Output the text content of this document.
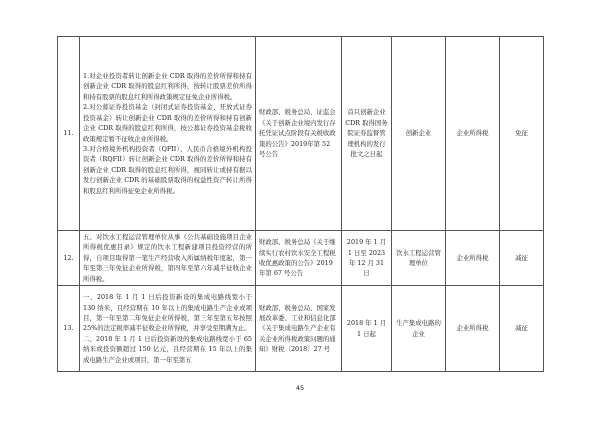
11.	1.对企业投资者转让创新企业 CDR 取得的差价所得和持有创新企业 CDR 取得的股息红利所得，按转让股票差价所得和持有股票的股息红利所得政策规定征免企业所得税。
2.对公募证券投资基金（封闭式证券投资基金、开放式证券投资基金）转让创新企业 CDR 取得的差价所得和持有创新企业 CDR 取得的股息红利所得，按公募证券投资基金税收政策规定暂不征收企业所得税。
3.对合格境外机构投资者（QFII）、人民币合格境外机构投资者（RQFII）转让创新企业 CDR 取得的差价所得和持有创新企业 CDR 取得的股息红利所得，视同转让或持有据以发行创新企业 CDR 的基础股票取得的权益性资产转让所得和股息红利所得征免企业所得税。	财政部、税务总局、证监会《关于创新企业境内发行存托凭证试点阶段有关税收政策的公告》2019年第 52 号公告	首只创新企业 CDR 取得国务院证券监督管理机构的发行批文之日起	创新企业	企业所得税	免征
12.	五、对饮水工程运营管理单位从事《公共基础设施项目企业所得税优惠目录》规定的饮水工程新建项目投资经营的所得，自项目取得第一笔生产经营收入所属纳税年度起，第一年至第三年免征企业所得税，第四年至第六年减半征收企业所得税。	财政部、税务总局《关于继续实行农村饮水安全工程税收优惠政策的公告》2019 年第 67 号公告	2019 年 1 月 1 日至 2023 年 12 月 31 日	饮水工程运营管理单位	企业所得税	减征
13.	一、2018 年 1 月 1 日后投资新设的集成电路线宽小于 130 纳米，且经营期在 10 年以上的集成电路生产企业或项目，第一年至第二年免征企业所得税，第三年至第五年按照 25%的法定税率减半征收企业所得税，并享受至期满为止。
二、2018 年 1 月 1 日后投资新设的集成电路线宽小于 65 纳米或投资额超过 150 亿元，且经营期在 15 年以上的集成电路生产企业或项目，第一年至第五	财政部、税务总局、国家发展改革委、工业和信息化部《关于集成电路生产企业有关企业所得税政策问题的通知》财税〔2018〕27 号	2018 年 1 月 1 日起	生产集成电路的企业	企业所得税	减征
45
